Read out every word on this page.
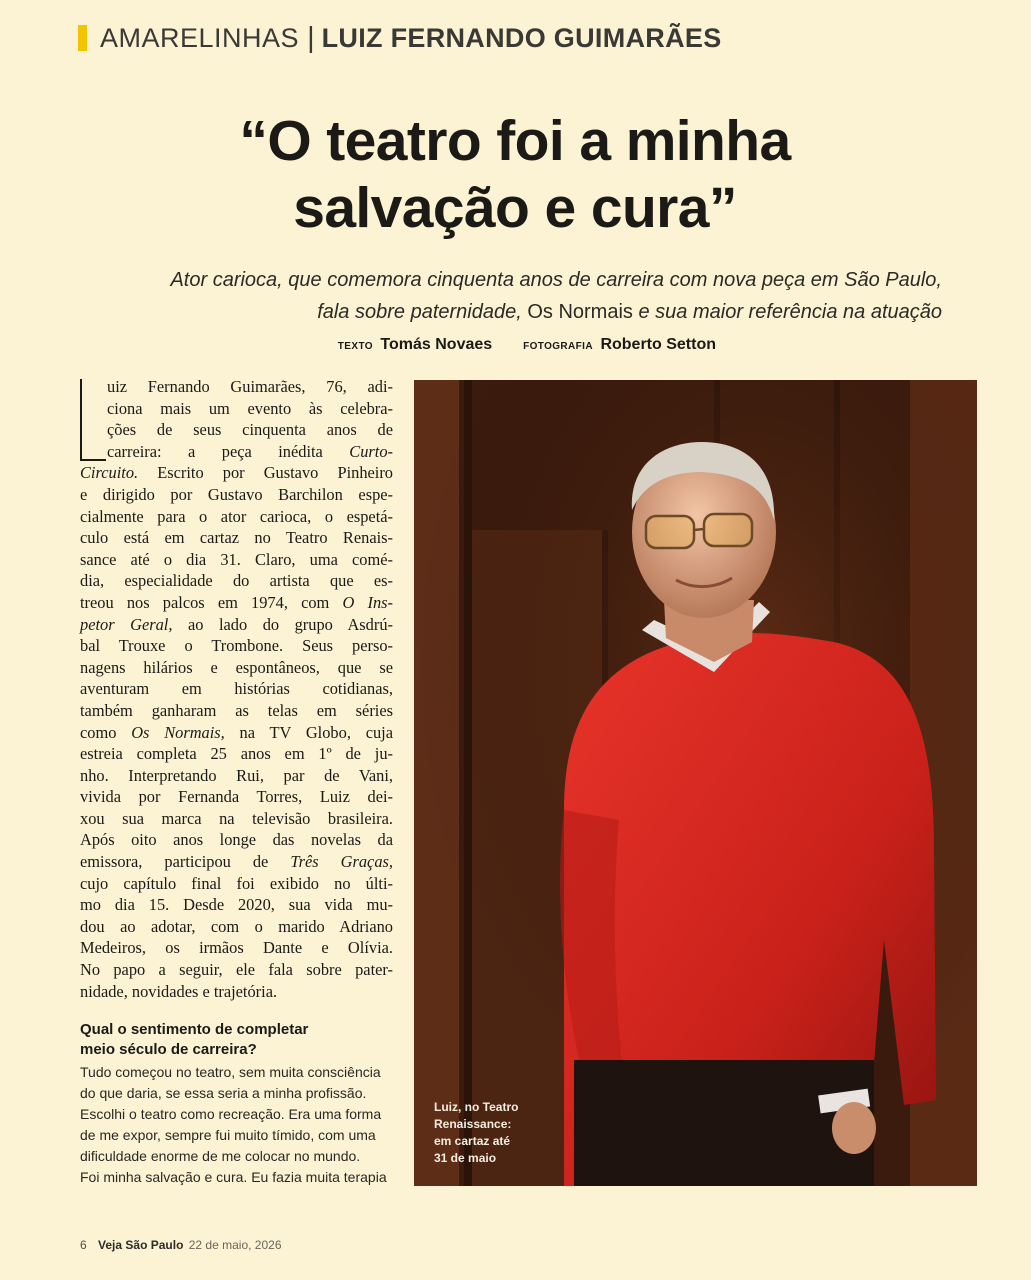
AMARELINHAS | LUIZ FERNANDO GUIMARÃES
“O teatro foi a minha
salvação e cura”
Ator carioca, que comemora cinquenta anos de carreira com nova peça em São Paulo,
fala sobre paternidade, Os Normais e sua maior referência na atuação
TEXTO Tomás Novaes	FOTOGRAFIA Roberto Setton
uiz Fernando Guimarães, 76, adi-
ciona mais um evento às celebra-
ções de seus cinquenta anos de
carreira: a peça inédita Curto-
Circuito. Escrito por Gustavo Pinheiro
e dirigido por Gustavo Barchilon espe-
cialmente para o ator carioca, o espetá-
culo está em cartaz no Teatro Renais-
sance até o dia 31. Claro, uma comé-
dia, especialidade do artista que es-
treou nos palcos em 1974, com O Ins-
petor Geral, ao lado do grupo Asdrú-
bal Trouxe o Trombone. Seus perso-
nagens hilários e espontâneos, que se
aventuram em histórias cotidianas,
também ganharam as telas em séries
como Os Normais, na TV Globo, cuja
estreia completa 25 anos em 1º de ju-
nho. Interpretando Rui, par de Vani,
vivida por Fernanda Torres, Luiz dei-
xou sua marca na televisão brasileira.
Após oito anos longe das novelas da
emissora, participou de Três Graças,
cujo capítulo final foi exibido no últi-
mo dia 15. Desde 2020, sua vida mu-
dou ao adotar, com o marido Adriano
Medeiros, os irmãos Dante e Olívia.
No papo a seguir, ele fala sobre pater-
nidade, novidades e trajetória.
Qual o sentimento de completar
meio século de carreira?
Tudo começou no teatro, sem muita consciência
do que daria, se essa seria a minha profissão.
Escolhi o teatro como recreação. Era uma forma
de me expor, sempre fui muito tímido, com uma
dificuldade enorme de me colocar no mundo.
Foi minha salvação e cura. Eu fazia muita terapia
Luiz, no Teatro
Renaissance:
em cartaz até
31 de maio
6 Veja São Paulo 22 de maio, 2026
